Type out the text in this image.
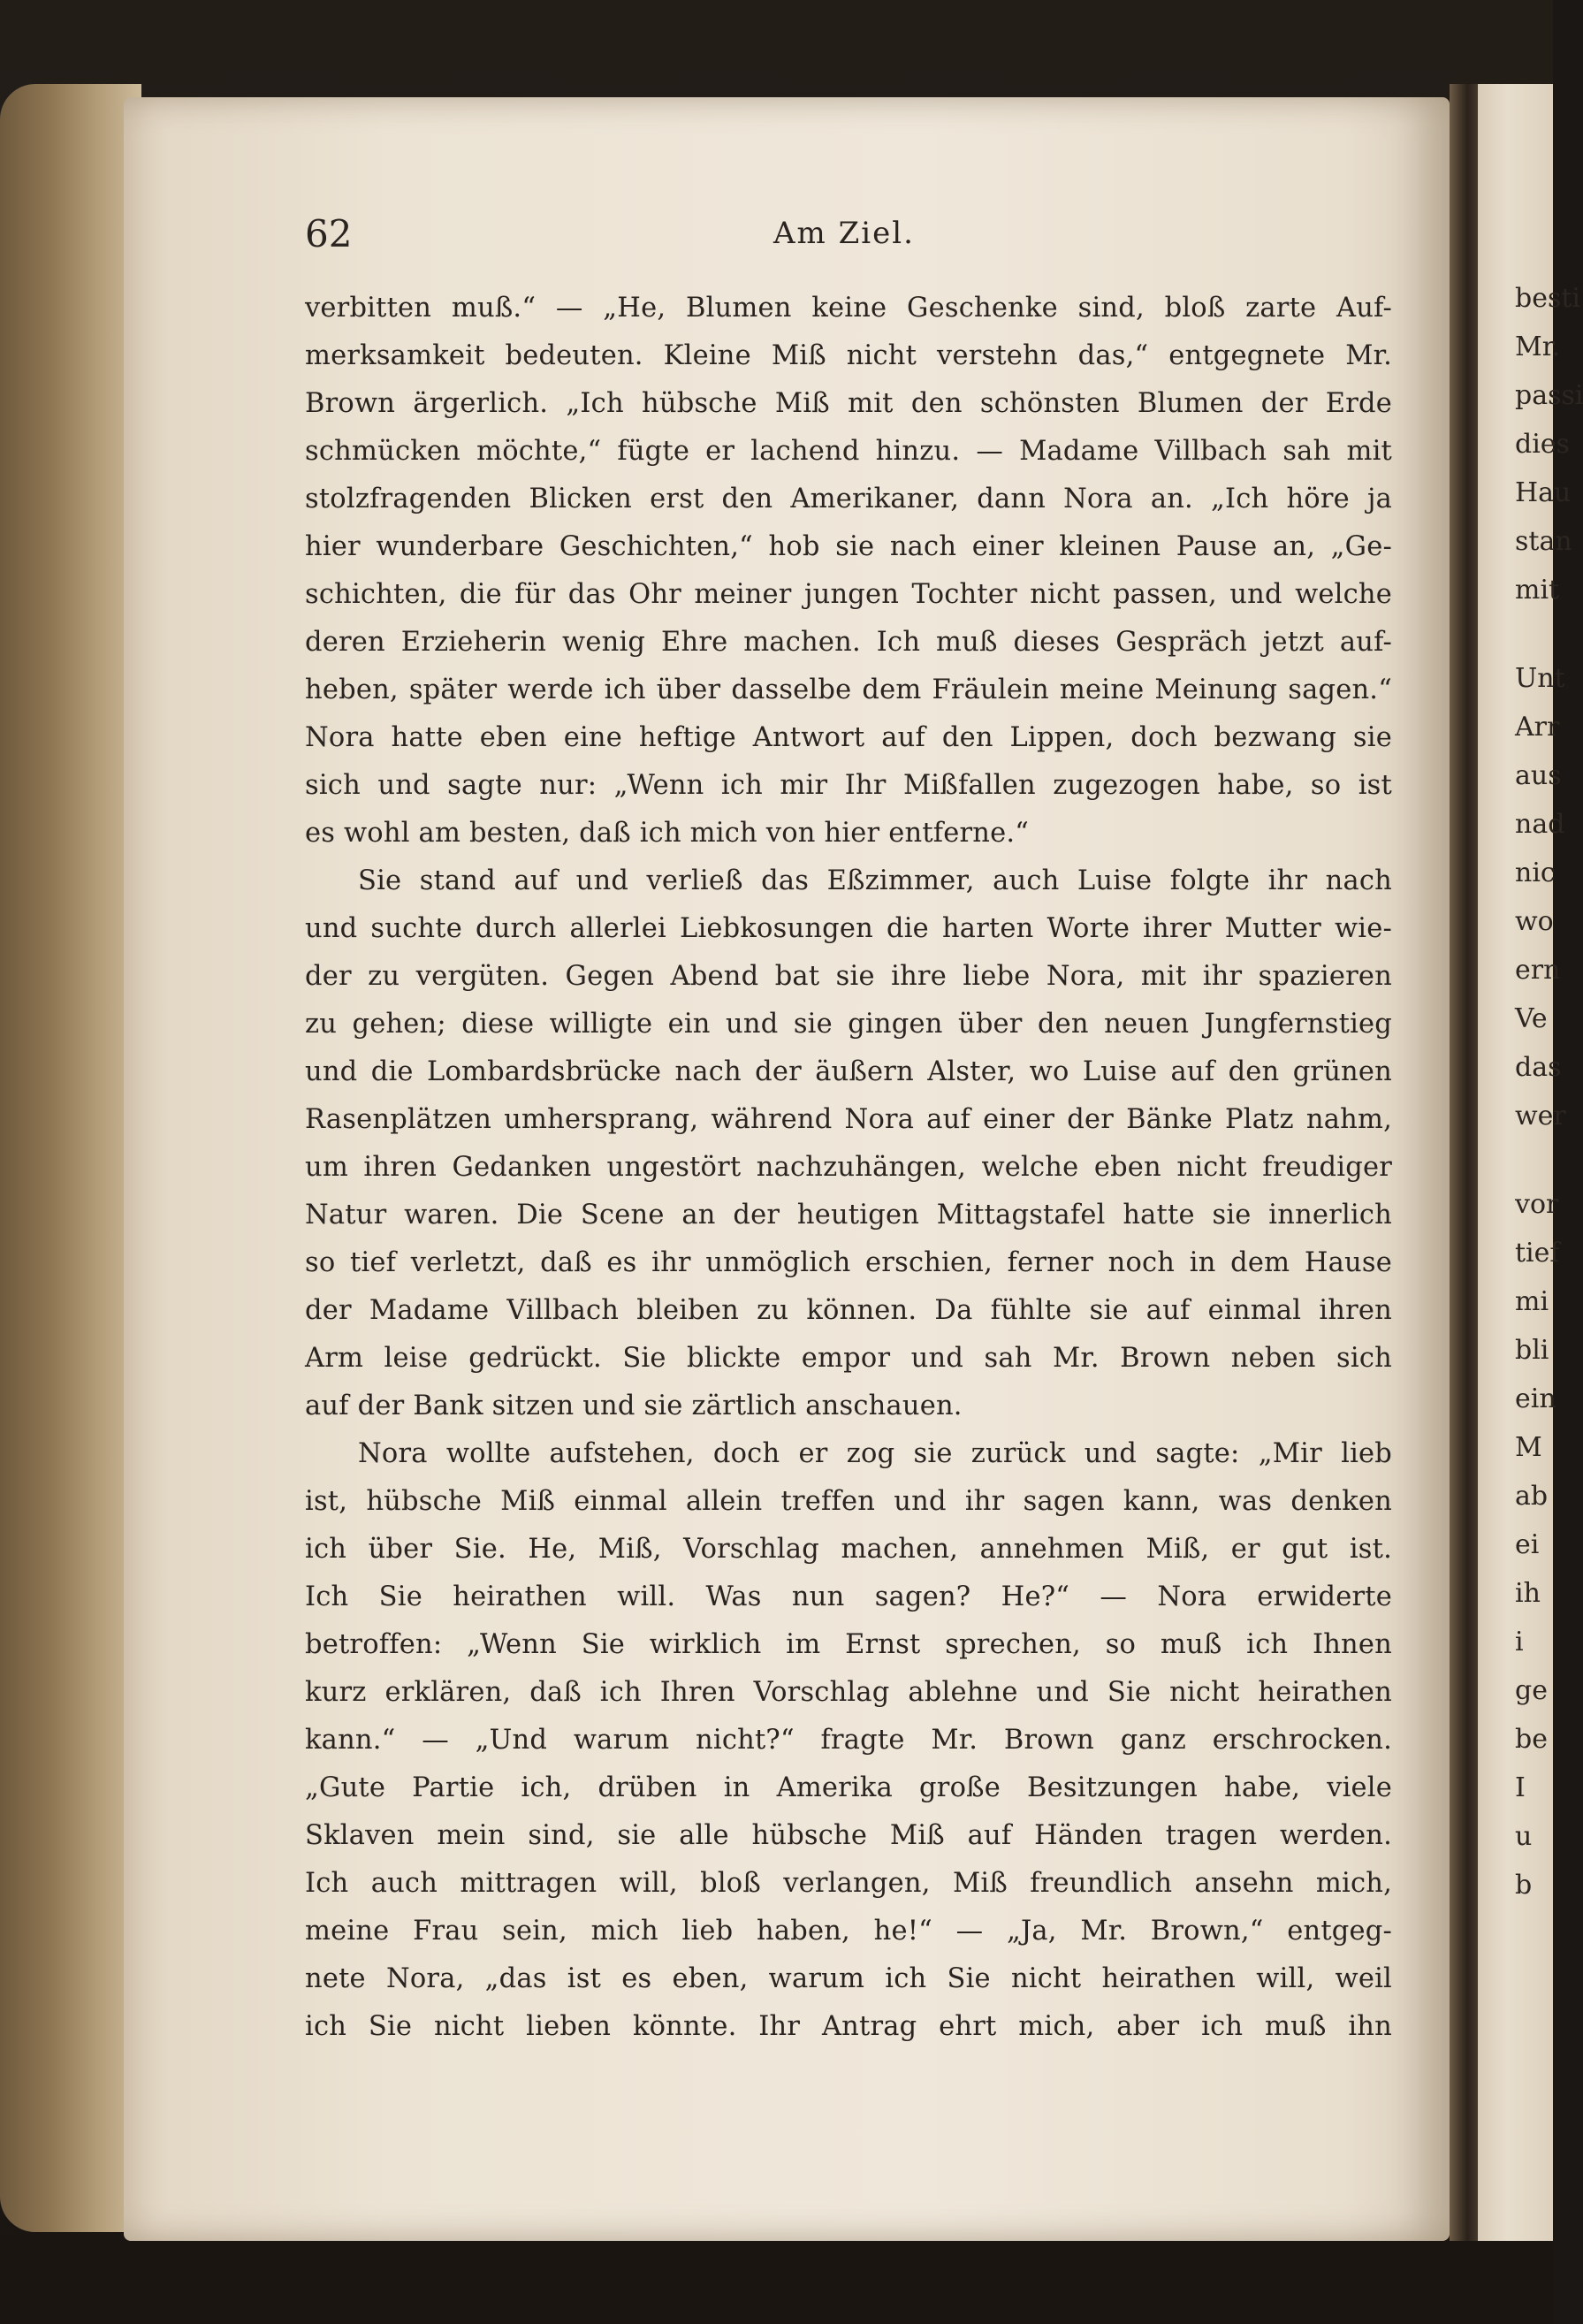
62	Am Ziel.
verbitten muß.“ — „He, Blumen keine Geschenke sind, bloß zarte Auf-
merksamkeit bedeuten. Kleine Miß nicht verstehn das,“ entgegnete Mr.
Brown ärgerlich. „Ich hübsche Miß mit den schönsten Blumen der Erde
schmücken möchte,“ fügte er lachend hinzu. — Madame Villbach sah mit
stolzfragenden Blicken erst den Amerikaner, dann Nora an. „Ich höre ja
hier wunderbare Geschichten,“ hob sie nach einer kleinen Pause an, „Ge-
schichten, die für das Ohr meiner jungen Tochter nicht passen, und welche
deren Erzieherin wenig Ehre machen. Ich muß dieses Gespräch jetzt auf-
heben, später werde ich über dasselbe dem Fräulein meine Meinung sagen.“
Nora hatte eben eine heftige Antwort auf den Lippen, doch bezwang sie
sich und sagte nur: „Wenn ich mir Ihr Mißfallen zugezogen habe, so ist
es wohl am besten, daß ich mich von hier entferne.“
Sie stand auf und verließ das Eßzimmer, auch Luise folgte ihr nach
und suchte durch allerlei Liebkosungen die harten Worte ihrer Mutter wie-
der zu vergüten. Gegen Abend bat sie ihre liebe Nora, mit ihr spazieren
zu gehen; diese willigte ein und sie gingen über den neuen Jungfernstieg
und die Lombardsbrücke nach der äußern Alster, wo Luise auf den grünen
Rasenplätzen umhersprang, während Nora auf einer der Bänke Platz nahm,
um ihren Gedanken ungestört nachzuhängen, welche eben nicht freudiger
Natur waren. Die Scene an der heutigen Mittagstafel hatte sie innerlich
so tief verletzt, daß es ihr unmöglich erschien, ferner noch in dem Hause
der Madame Villbach bleiben zu können. Da fühlte sie auf einmal ihren
Arm leise gedrückt. Sie blickte empor und sah Mr. Brown neben sich
auf der Bank sitzen und sie zärtlich anschauen.
Nora wollte aufstehen, doch er zog sie zurück und sagte: „Mir lieb
ist, hübsche Miß einmal allein treffen und ihr sagen kann, was denken
ich über Sie. He, Miß, Vorschlag machen, annehmen Miß, er gut ist.
Ich Sie heirathen will. Was nun sagen? He?“ — Nora erwiderte
betroffen: „Wenn Sie wirklich im Ernst sprechen, so muß ich Ihnen
kurz erklären, daß ich Ihren Vorschlag ablehne und Sie nicht heirathen
kann.“ — „Und warum nicht?“ fragte Mr. Brown ganz erschrocken.
„Gute Partie ich, drüben in Amerika große Besitzungen habe, viele
Sklaven mein sind, sie alle hübsche Miß auf Händen tragen werden.
Ich auch mittragen will, bloß verlangen, Miß freundlich ansehn mich,
meine Frau sein, mich lieb haben, he!“ — „Ja, Mr. Brown,“ entgeg-
nete Nora, „das ist es eben, warum ich Sie nicht heirathen will, weil
ich Sie nicht lieben könnte. Ihr Antrag ehrt mich, aber ich muß ihn
besti
Mr.
passi
dies
Hau
stan
mit
Unt
Arr
aus
nad
nic
wo
ern
Ve
das
wer
vor
tief
mi
bli
ein
M
ab
ei
ih
i
ge
be
I
u
b
